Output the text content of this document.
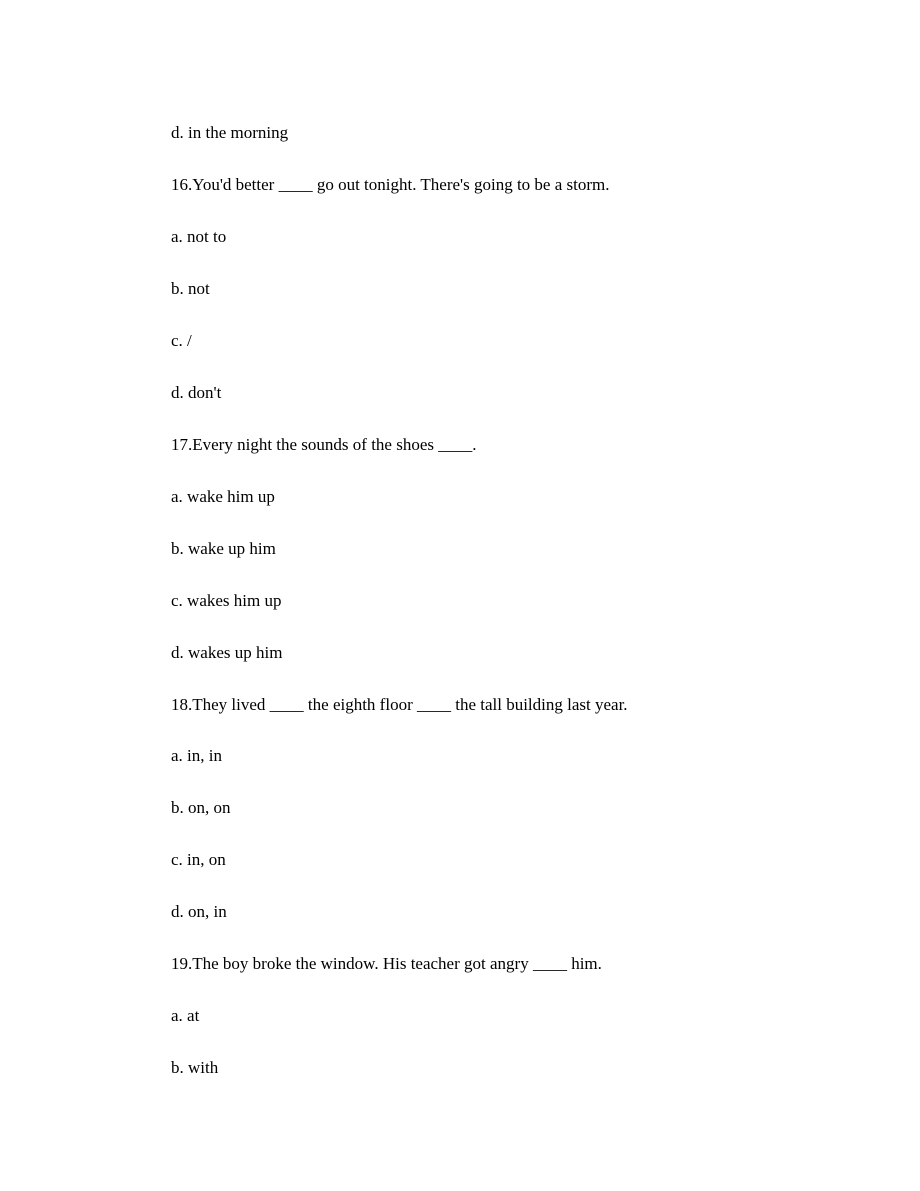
d. in the morning
16.You'd better ____ go out tonight. There's going to be a storm.
a. not to
b. not
c. /
d. don't
17.Every night the sounds of the shoes ____.
a. wake him up
b. wake up him
c. wakes him up
d. wakes up him
18.They lived ____ the eighth floor ____ the tall building last year.
a. in, in
b. on, on
c. in, on
d. on, in
19.The boy broke the window. His teacher got angry ____ him.
a. at
b. with
